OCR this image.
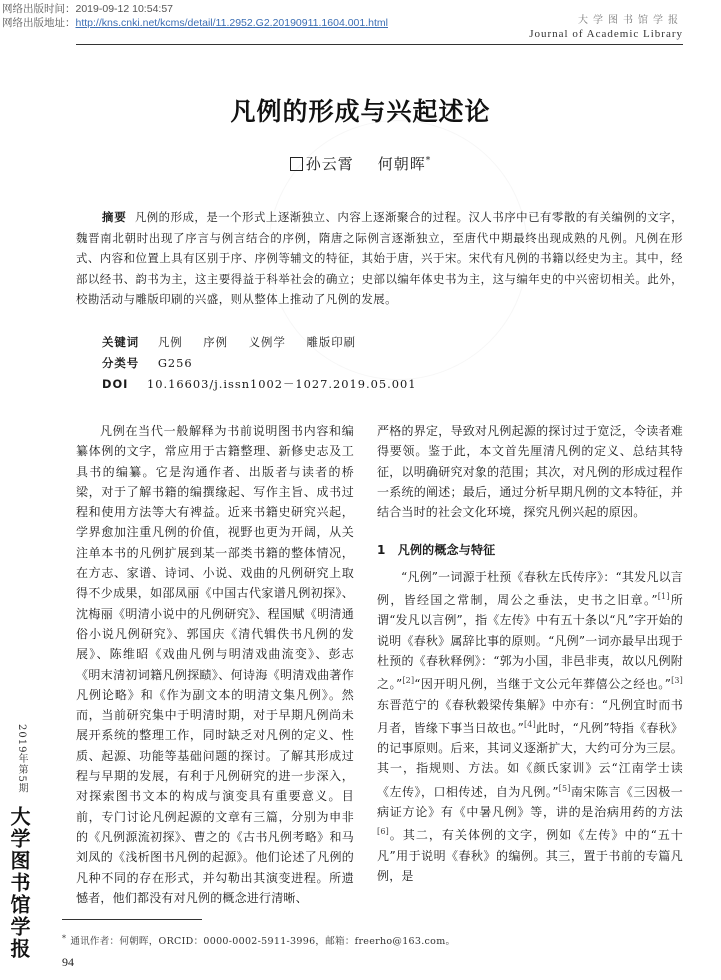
网络出版时间：2019-09-12 10:54:57
网络出版地址：http://kns.cnki.net/kcms/detail/11.2952.G2.20190911.1604.001.html	大学图书馆学报
Journal of Academic Library
凡例的形成与兴起述论
孙云霄 何朝晖*

摘要 凡例的形成，是一个形式上逐渐独立、内容上逐渐聚合的过程。汉人书序中已有零散的有关编例的文字，魏晋南北朝时出现了序言与例言结合的序例，隋唐之际例言逐渐独立，至唐代中期最终出现成熟的凡例。凡例在形式、内容和位置上具有区别于序、序例等辅文的特征，其始于唐，兴于宋。宋代有凡例的书籍以经史为主。其中，经部以经书、韵书为主，这主要得益于科举社会的确立；史部以编年体史书为主，这与编年史的中兴密切相关。此外，校勘活动与雕版印刷的兴盛，则从整体上推动了凡例的发展。

关键词 凡例 序例 义例学 雕版印刷
分类号 G256
DOI 10.16603/j.issn1002－1027.2019.05.001

凡例在当代一般解释为书前说明图书内容和编纂体例的文字，常应用于古籍整理、新修史志及工具书的编纂。它是沟通作者、出版者与读者的桥梁，对于了解书籍的编撰缘起、写作主旨、成书过程和使用方法等大有裨益。近来书籍史研究兴起，学界愈加注重凡例的价值，视野也更为开阔，从关注单本书的凡例扩展到某一部类书籍的整体情况，在方志、家谱、诗词、小说、戏曲的凡例研究上取得不少成果，如邵凤丽《中国古代家谱凡例初探》、沈梅丽《明清小说中的凡例研究》、程国赋《明清通俗小说凡例研究》、郭国庆《清代辑佚书凡例的发展》、陈维昭《戏曲凡例与明清戏曲流变》、彭志《明末清初词籍凡例探赜》、何诗海《明清戏曲著作凡例论略》和《作为副文本的明清文集凡例》。然而，当前研究集中于明清时期，对于早期凡例尚未展开系统的整理工作，同时缺乏对凡例的定义、性质、起源、功能等基础问题的探讨。了解其形成过程与早期的发展，有利于凡例研究的进一步深入，对探索图书文本的构成与演变具有重要意义。目前，专门讨论凡例起源的文章有三篇，分别为申非的《凡例源流初探》、曹之的《古书凡例考略》和马刘凤的《浅析图书凡例的起源》。他们论述了凡例的凡种不同的存在形式，并勾勒出其演变进程。所遗憾者，他们都没有对凡例的概念进行清晰、

严格的界定，导致对凡例起源的探讨过于宽泛，令读者难得要领。鉴于此，本文首先厘清凡例的定义、总结其特征，以明确研究对象的范围；其次，对凡例的形成过程作一系统的阐述；最后，通过分析早期凡例的文本特征，并结合当时的社会文化环境，探究凡例兴起的原因。

1　凡例的概念与特征

“凡例”一词源于杜预《春秋左氏传序》：“其发凡以言例，皆经国之常制，周公之垂法，史书之旧章。”[1]所谓“发凡以言例”，指《左传》中有五十条以“凡”字开始的说明《春秋》属辞比事的原则。“凡例”一词亦最早出现于杜预的《春秋释例》：“郭为小国，非邑非夷，故以凡例附之。”[2]“因开明凡例，当继于文公元年葬僖公之经也。”[3]东晋范宁的《春秋穀梁传集解》中亦有：“凡例宜时而书月者，皆缘下事当日故也。”[4]此时，“凡例”特指《春秋》的记事原则。后来，其词义逐渐扩大，大约可分为三层。其一，指规则、方法。如《颜氏家训》云“江南学士读《左传》，口相传述，自为凡例。”[5]南宋陈言《三因极一病证方论》有《中暑凡例》等，讲的是治病用药的方法[6]。其二，有关体例的文字，例如《左传》中的“五十凡”用于说明《春秋》的编例。其三，置于书前的专篇凡例，是

2019年第5期
大学图书馆学报	* 通讯作者：何朝晖，ORCID：0000-0002-5911-3996，邮箱：freerho@163.com。
94
